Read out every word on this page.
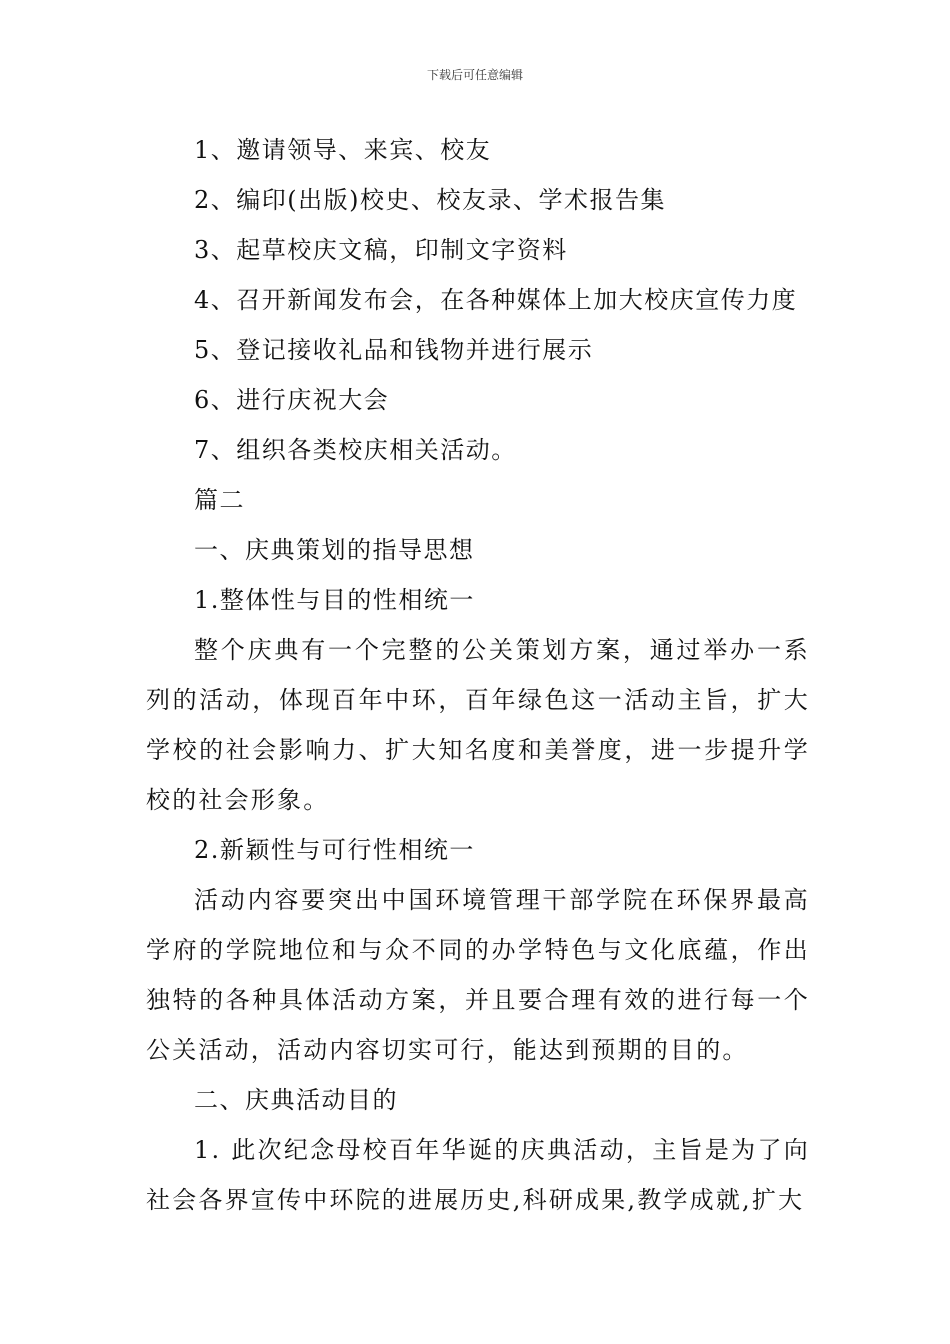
下载后可任意编辑
1、邀请领导、来宾、校友
2、编印(出版)校史、校友录、学术报告集
3、起草校庆文稿，印制文字资料
4、召开新闻发布会，在各种媒体上加大校庆宣传力度
5、登记接收礼品和钱物并进行展示
6、进行庆祝大会
7、组织各类校庆相关活动。
篇二
一、庆典策划的指导思想
1.整体性与目的性相统一

整个庆典有一个完整的公关策划方案，通过举办一系列的活动，体现百年中环，百年绿色这一活动主旨，扩大学校的社会影响力、扩大知名度和美誉度，进一步提升学校的社会形象。

2.新颖性与可行性相统一

活动内容要突出中国环境管理干部学院在环保界最高学府的学院地位和与众不同的办学特色与文化底蕴，作出独特的各种具体活动方案，并且要合理有效的进行每一个公关活动，活动内容切实可行，能达到预期的目的。

二、庆典活动目的

1. 此次纪念母校百年华诞的庆典活动，主旨是为了向社会各界宣传中环院的进展历史,科研成果,教学成就,扩大
